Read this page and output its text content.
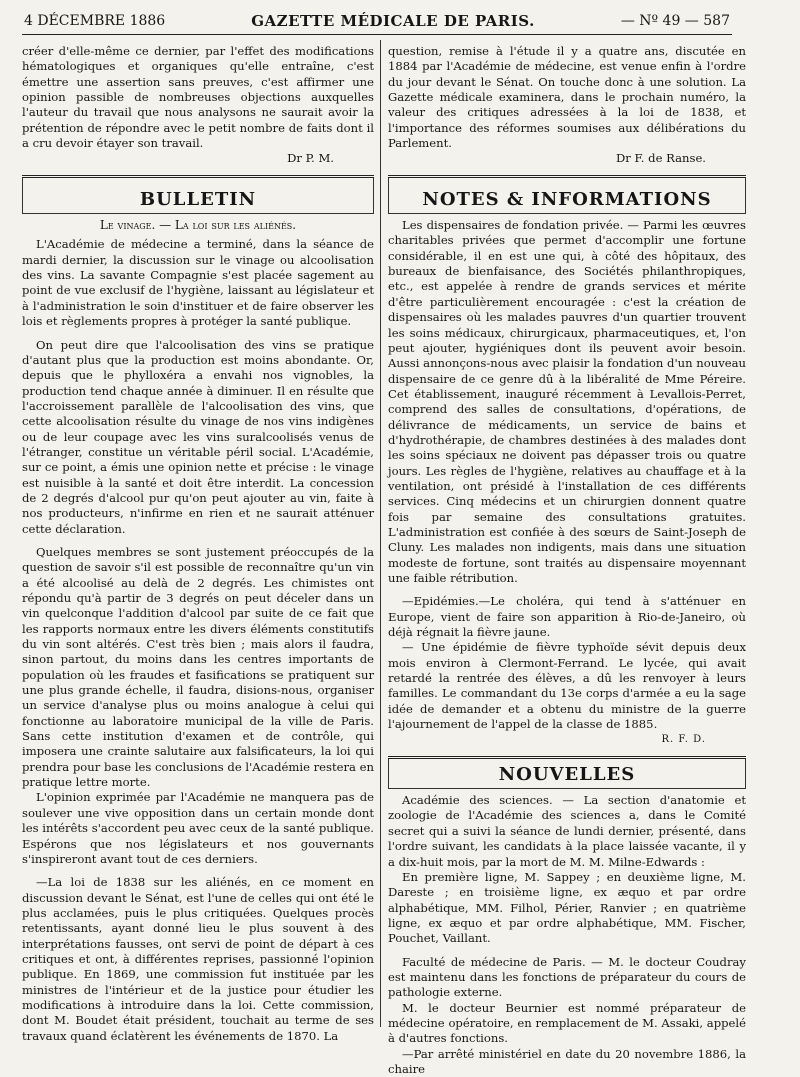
4 DÉCEMBRE 1886	GAZETTE MÉDICALE DE PARIS.	— Nº 49 — 587

créer d'elle-même ce dernier, par l'effet des modifications hématologiques et organiques qu'elle entraîne, c'est émettre une assertion sans preuves, c'est affirmer une opinion passible de nombreuses objections auxquelles l'auteur du travail que nous analysons ne saurait avoir la prétention de répondre avec le petit nombre de faits dont il a cru devoir étayer son travail.

Dr P. M.
BULLETIN
Le vinage. — La loi sur les aliénés.

L'Académie de médecine a terminé, dans la séance de mardi dernier, la discussion sur le vinage ou alcoolisation des vins. La savante Compagnie s'est placée sagement au point de vue exclusif de l'hygiène, laissant au législateur et à l'administration le soin d'instituer et de faire observer les lois et règlements propres à protéger la santé publique.

On peut dire que l'alcoolisation des vins se pratique d'autant plus que la production est moins abondante. Or, depuis que le phylloxéra a envahi nos vignobles, la production tend chaque année à diminuer. Il en résulte que l'accroissement parallèle de l'alcoolisation des vins, que cette alcoolisation résulte du vinage de nos vins indigènes ou de leur coupage avec les vins suralcoolisés venus de l'étranger, constitue un véritable péril social. L'Académie, sur ce point, a émis une opinion nette et précise : le vinage est nuisible à la santé et doit être interdit. La concession de 2 degrés d'alcool pur qu'on peut ajouter au vin, faite à nos producteurs, n'infirme en rien et ne saurait atténuer cette déclaration.

Quelques membres se sont justement préoccupés de la question de savoir s'il est possible de reconnaître qu'un vin a été alcoolisé au delà de 2 degrés. Les chimistes ont répondu qu'à partir de 3 degrés on peut déceler dans un vin quelconque l'addition d'alcool par suite de ce fait que les rapports normaux entre les divers éléments constitutifs du vin sont altérés. C'est très bien ; mais alors il faudra, sinon partout, du moins dans les centres importants de population où les fraudes et fasifications se pratiquent sur une plus grande échelle, il faudra, disions-nous, organiser un service d'analyse plus ou moins analogue à celui qui fonctionne au laboratoire municipal de la ville de Paris. Sans cette institution d'examen et de contrôle, qui imposera une crainte salutaire aux falsificateurs, la loi qui prendra pour base les conclusions de l'Académie restera en pratique lettre morte.

L'opinion exprimée par l'Académie ne manquera pas de soulever une vive opposition dans un certain monde dont les intérêts s'accordent peu avec ceux de la santé publique. Espérons que nos législateurs et nos gouvernants s'inspireront avant tout de ces derniers.

—La loi de 1838 sur les aliénés, en ce moment en discussion devant le Sénat, est l'une de celles qui ont été le plus acclamées, puis le plus critiquées. Quelques procès retentissants, ayant donné lieu le plus souvent à des interprétations fausses, ont servi de point de départ à ces critiques et ont, à différentes reprises, passionné l'opinion publique. En 1869, une commission fut instituée par les ministres de l'intérieur et de la justice pour étudier les modifications à introduire dans la loi. Cette commission, dont M. Boudet était président, touchait au terme de ses travaux quand éclatèrent les événements de 1870. La

question, remise à l'étude il y a quatre ans, discutée en 1884 par l'Académie de médecine, est venue enfin à l'ordre du jour devant le Sénat. On touche donc à une solution. La Gazette médicale examinera, dans le prochain numéro, la valeur des critiques adressées à la loi de 1838, et l'importance des réformes soumises aux délibérations du Parlement.

Dr F. de Ranse.
NOTES & INFORMATIONS

Les dispensaires de fondation privée. — Parmi les œuvres charitables privées que permet d'accomplir une fortune considérable, il en est une qui, à côté des hôpitaux, des bureaux de bienfaisance, des Sociétés philanthropiques, etc., est appelée à rendre de grands services et mérite d'être particulièrement encouragée : c'est la création de dispensaires où les malades pauvres d'un quartier trouvent les soins médicaux, chirurgicaux, pharmaceutiques, et, l'on peut ajouter, hygiéniques dont ils peuvent avoir besoin. Aussi annonçons-nous avec plaisir la fondation d'un nouveau dispensaire de ce genre dû à la libéralité de Mme Péreire. Cet établissement, inauguré récemment à Levallois-Perret, comprend des salles de consultations, d'opérations, de délivrance de médicaments, un service de bains et d'hydrothérapie, de chambres destinées à des malades dont les soins spéciaux ne doivent pas dépasser trois ou quatre jours. Les règles de l'hygiène, relatives au chauffage et à la ventilation, ont présidé à l'installation de ces différents services. Cinq médecins et un chirurgien donnent quatre fois par semaine des consultations gratuites. L'administration est confiée à des sœurs de Saint-Joseph de Cluny. Les malades non indigents, mais dans une situation modeste de fortune, sont traités au dispensaire moyennant une faible rétribution.

—Epidémies.—Le choléra, qui tend à s'atténuer en Europe, vient de faire son apparition à Rio-de-Janeiro, où déjà régnait la fièvre jaune.

— Une épidémie de fièvre typhoïde sévit depuis deux mois environ à Clermont-Ferrand. Le lycée, qui avait retardé la rentrée des élèves, a dû les renvoyer à leurs familles. Le commandant du 13e corps d'armée a eu la sage idée de demander et a obtenu du ministre de la guerre l'ajournement de l'appel de la classe de 1885.

R. F. D.
NOUVELLES

Académie des sciences. — La section d'anatomie et zoologie de l'Académie des sciences a, dans le Comité secret qui a suivi la séance de lundi dernier, présenté, dans l'ordre suivant, les candidats à la place laissée vacante, il y a dix-huit mois, par la mort de M. M. Milne-Edwards :

En première ligne, M. Sappey ; en deuxième ligne, M. Dareste ; en troisième ligne, ex æquo et par ordre alphabétique, MM. Filhol, Périer, Ranvier ; en quatrième ligne, ex æquo et par ordre alphabétique, MM. Fischer, Pouchet, Vaillant.

Faculté de médecine de Paris. — M. le docteur Coudray est maintenu dans les fonctions de préparateur du cours de pathologie externe.

M. le docteur Beurnier est nommé préparateur de médecine opératoire, en remplacement de M. Assaki, appelé à d'autres fonctions.

—Par arrêté ministériel en date du 20 novembre 1886, la chaire
